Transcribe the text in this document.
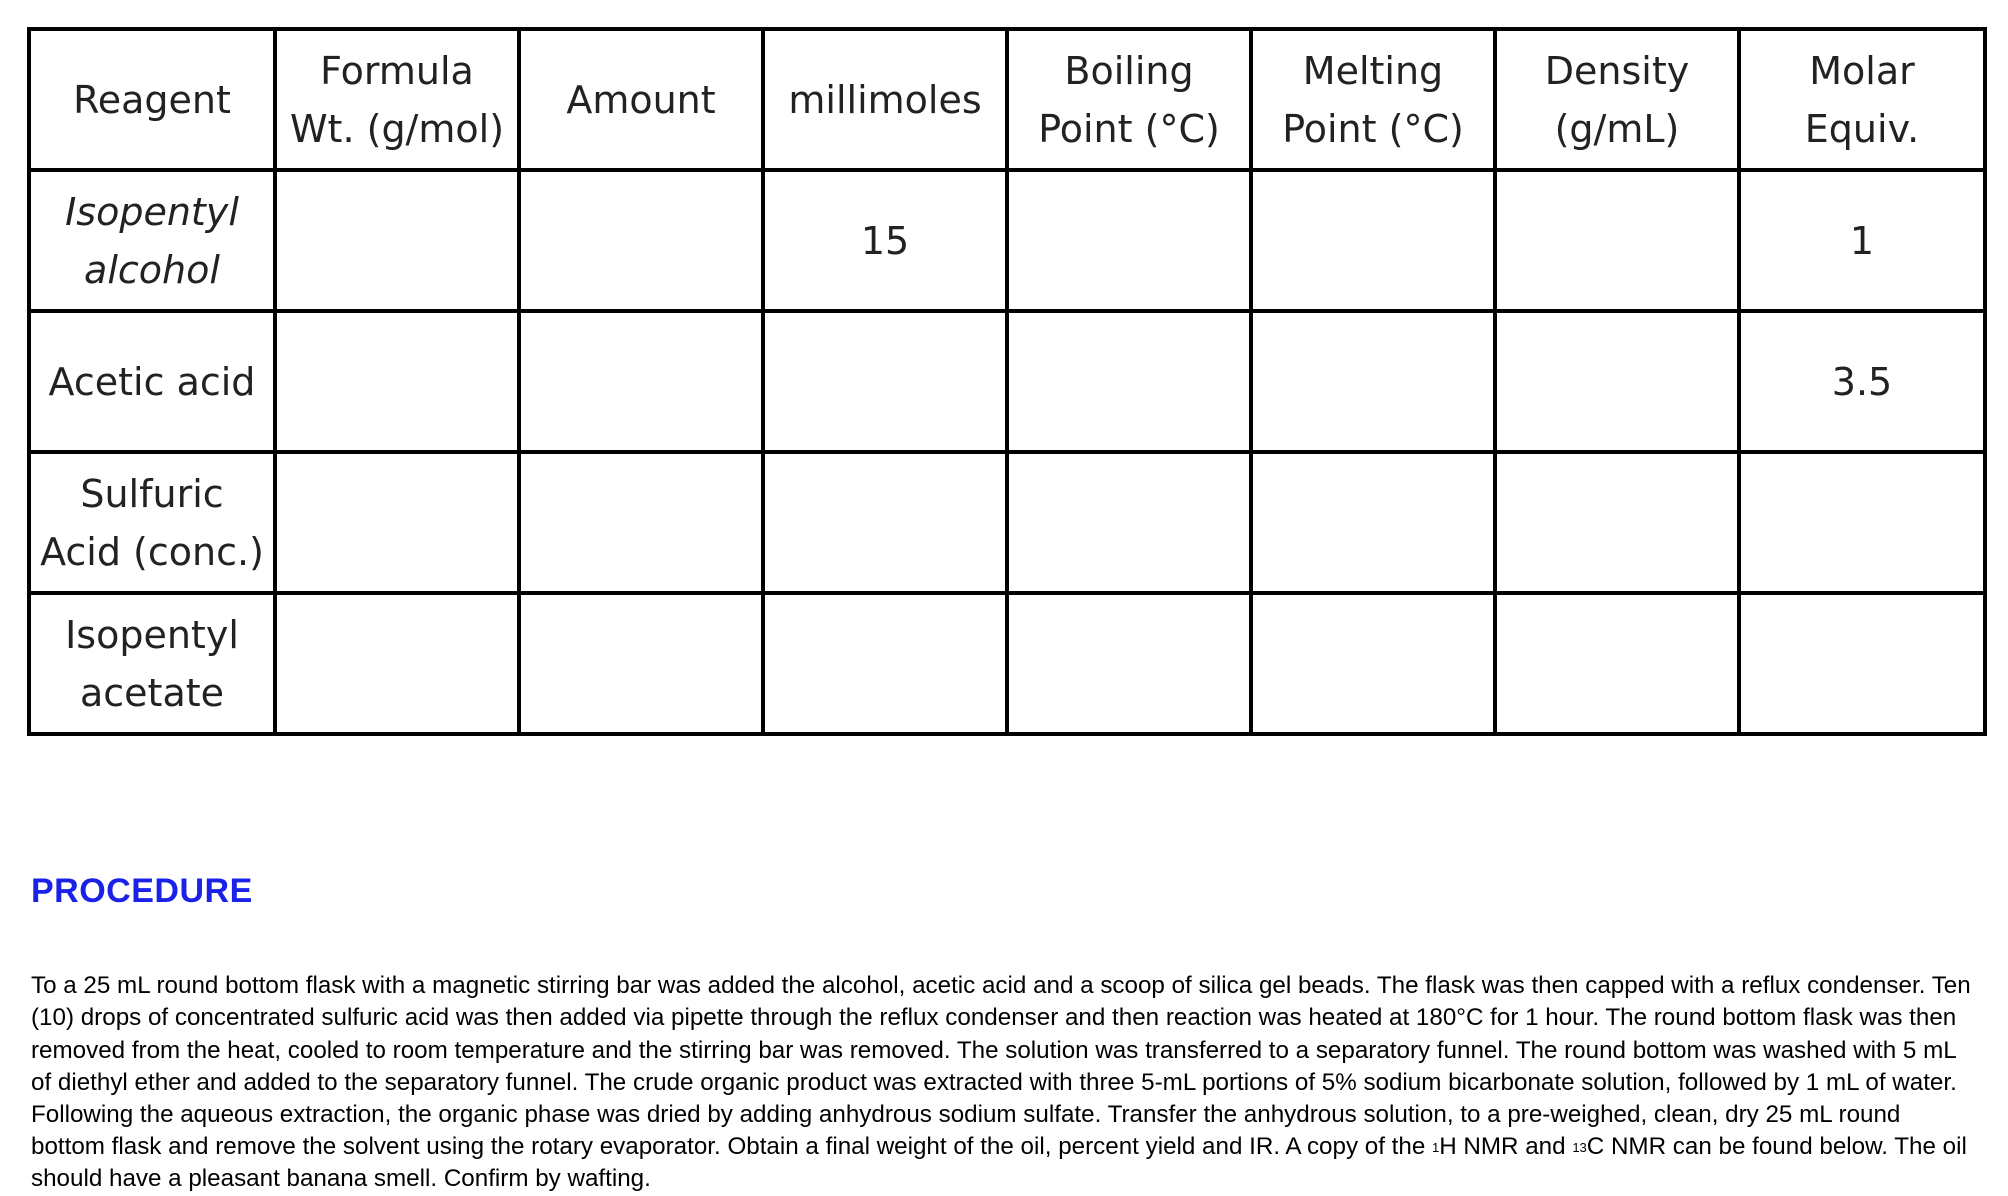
Reagent	Formula Wt. (g/mol)	Amount	millimoles	Boiling Point (°C)	Melting Point (°C)	Density (g/mL)	Molar Equiv.
Isopentyl alcohol			15				1
Acetic acid							3.5
Sulfuric Acid (conc.)							
Isopentyl acetate							
PROCEDURE

To a 25 mL round bottom flask with a magnetic stirring bar was added the alcohol, acetic acid and a scoop of silica gel beads. The flask was then capped with a reflux condenser. Ten (10) drops of concentrated sulfuric acid was then added via pipette through the reflux condenser and then reaction was heated at 180°C for 1 hour. The round bottom flask was then removed from the heat, cooled to room temperature and the stirring bar was removed. The solution was transferred to a separatory funnel. The round bottom was washed with 5 mL of diethyl ether and added to the separatory funnel. The crude organic product was extracted with three 5-mL portions of 5% sodium bicarbonate solution, followed by 1 mL of water. Following the aqueous extraction, the organic phase was dried by adding anhydrous sodium sulfate. Transfer the anhydrous solution, to a pre-weighed, clean, dry 25 mL round bottom flask and remove the solvent using the rotary evaporator. Obtain a final weight of the oil, percent yield and IR. A copy of the $^1$H NMR and $^{13}$C NMR can be found below. The oil should have a pleasant banana smell. Confirm by wafting.
